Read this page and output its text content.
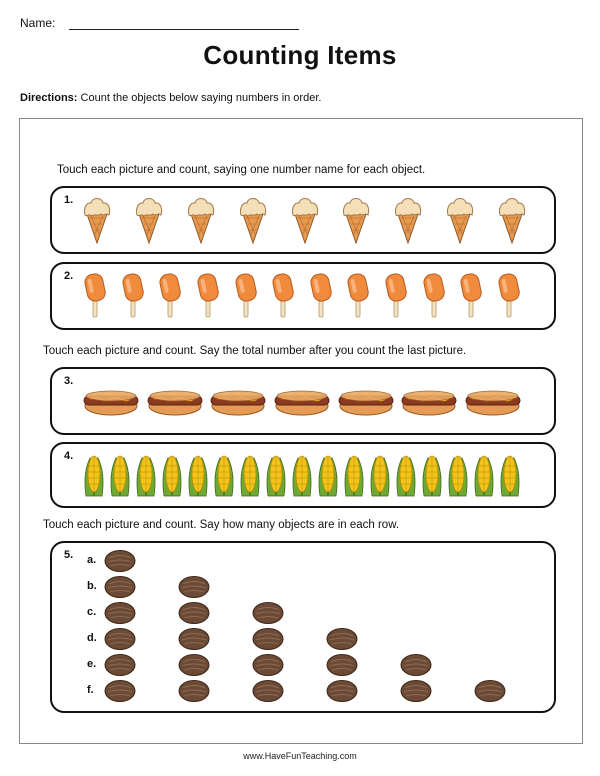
Name:
Counting Items
Directions: Count the objects below saying numbers in order.
Touch each picture and count, saying one number name for each object.
Touch each picture and count. Say the total number after you count the last picture.
Touch each picture and count. Say how many objects are in each row.
1.
2.
3.
4.
5. a.
b.
c.
d.
e.
f.
www.HaveFunTeaching.com
